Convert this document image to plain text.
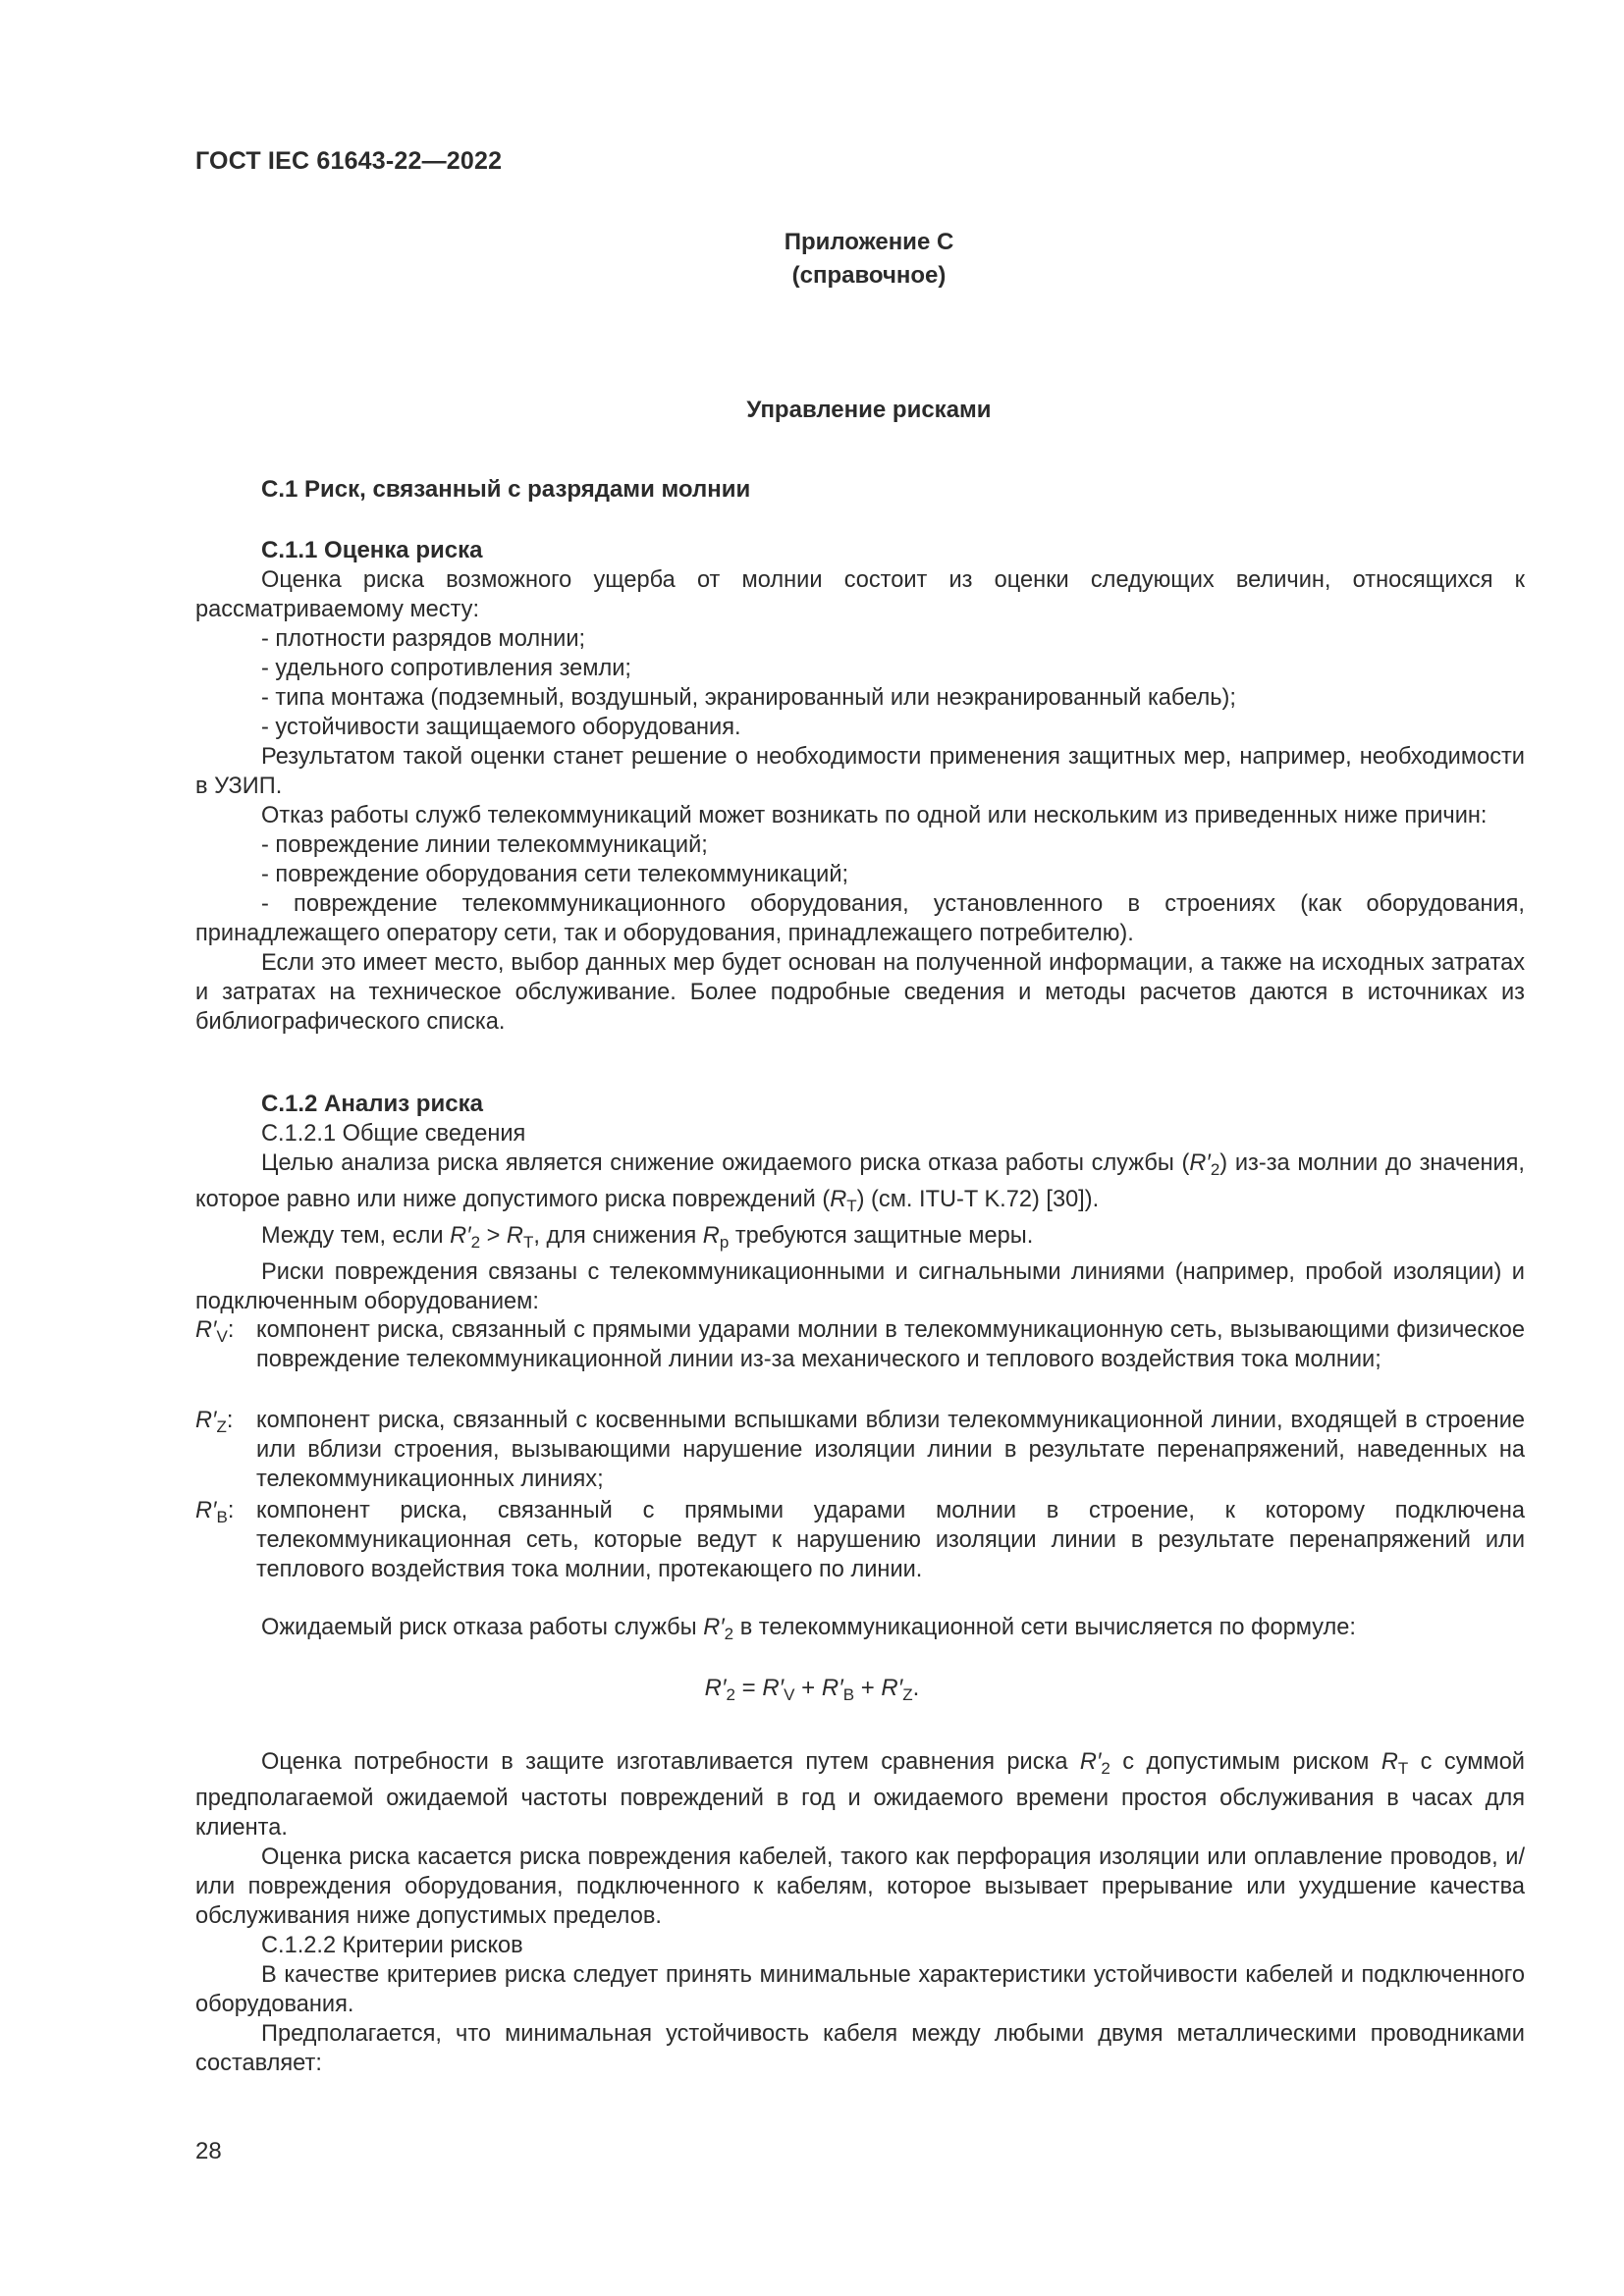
ГОСТ IEC 61643-22—2022
Приложение С
(справочное)
Управление рисками

С.1 Риск, связанный с разрядами молнии

С.1.1 Оценка риска

Оценка риска возможного ущерба от молнии состоит из оценки следующих величин, относящихся к рассматриваемому месту:

- плотности разрядов молнии;

- удельного сопротивления земли;

- типа монтажа (подземный, воздушный, экранированный или неэкранированный кабель);

- устойчивости защищаемого оборудования.

Результатом такой оценки станет решение о необходимости применения защитных мер, например, необходимости в УЗИП.

Отказ работы служб телекоммуникаций может возникать по одной или нескольким из приведенных ниже причин:

- повреждение линии телекоммуникаций;

- повреждение оборудования сети телекоммуникаций;

- повреждение телекоммуникационного оборудования, установленного в строениях (как оборудования, принадлежащего оператору сети, так и оборудования, принадлежащего потребителю).

Если это имеет место, выбор данных мер будет основан на полученной информации, а также на исходных затратах и затратах на техническое обслуживание. Более подробные сведения и методы расчетов даются в источниках из библиографического списка.

С.1.2 Анализ риска

С.1.2.1 Общие сведения

Целью анализа риска является снижение ожидаемого риска отказа работы службы $(R'_2)$ из-за молнии до значения, которое равно или ниже допустимого риска повреждений $(R_T)$ (см. ITU-T K.72) [30]).

Между тем, если $R'_2 > R_T$, для снижения $R_p$ требуются защитные меры.

Риски повреждения связаны с телекоммуникационными и сигнальными линиями (например, пробой изоляции) и подключенным оборудованием:

$R'_V$: компонент риска, связанный с прямыми ударами молнии в телекоммуникационную сеть, вызывающими физическое повреждение телекоммуникационной линии из-за механического и теплового воздействия тока молнии;
$R'_Z$: компонент риска, связанный с косвенными вспышками вблизи телекоммуникационной линии, входящей в строение или вблизи строения, вызывающими нарушение изоляции линии в результате перенапряжений, наведенных на телекоммуникационных линиях;
$R'_B$: компонент риска, связанный с прямыми ударами молнии в строение, к которому подключена телекоммуникационная сеть, которые ведут к нарушению изоляции линии в результате перенапряжений или теплового воздействия тока молнии, протекающего по линии.

Ожидаемый риск отказа работы службы $R'_2$ в телекоммуникационной сети вычисляется по формуле:

$R'_2 = R'_V + R'_B + R'_Z$.

Оценка потребности в защите изготавливается путем сравнения риска $R'_2$ с допустимым риском $R_T$ с суммой предполагаемой ожидаемой частоты повреждений в год и ожидаемого времени простоя обслуживания в часах для клиента.

Оценка риска касается риска повреждения кабелей, такого как перфорация изоляции или оплавление проводов, и/или повреждения оборудования, подключенного к кабелям, которое вызывает прерывание или ухудшение качества обслуживания ниже допустимых пределов.

С.1.2.2 Критерии рисков

В качестве критериев риска следует принять минимальные характеристики устойчивости кабелей и подключенного оборудования.

Предполагается, что минимальная устойчивость кабеля между любыми двумя металлическими проводниками составляет:

28
